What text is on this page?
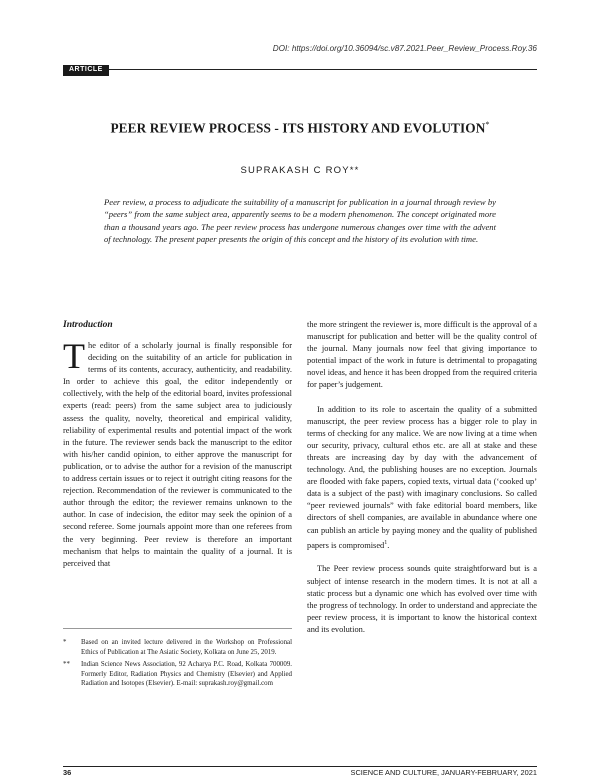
DOI: https://doi.org/10.36094/sc.v87.2021.Peer_Review_Process.Roy.36
ARTICLE
PEER REVIEW PROCESS - ITS HISTORY AND EVOLUTION*
SUPRAKASH C ROY**
Peer review, a process to adjudicate the suitability of a manuscript for publication in a journal through review by “peers” from the same subject area, apparently seems to be a modern phenomenon. The concept originated more than a thousand years ago. The peer review process has undergone numerous changes over time with the advent of technology. The present paper presents the origin of this concept and the history of its evolution with time.
Introduction

The editor of a scholarly journal is finally responsible for deciding on the suitability of an article for publication in terms of its contents, accuracy, authenticity, and readability. In order to achieve this goal, the editor independently or collectively, with the help of the editorial board, invites professional experts (read: peers) from the same subject area to judiciously assess the quality, novelty, theoretical and empirical validity, reliability of experimental results and potential impact of the work in the future. The reviewer sends back the manuscript to the editor with his/her candid opinion, to either approve the manuscript for publication, or to advise the author for a revision of the manuscript to address certain issues or to reject it outright citing reasons for the rejection. Recommendation of the reviewer is communicated to the author through the editor; the reviewer remains unknown to the author. In case of indecision, the editor may seek the opinion of a second referee. Some journals appoint more than one referees from the very beginning. Peer review is therefore an important mechanism that helps to maintain the quality of a journal. It is perceived that

the more stringent the reviewer is, more difficult is the approval of a manuscript for publication and better will be the quality control of the journal. Many journals now feel that giving importance to potential impact of the work in future is detrimental to propagating novel ideas, and hence it has been dropped from the required criteria for paper’s judgement.

In addition to its role to ascertain the quality of a submitted manuscript, the peer review process has a bigger role to play in terms of checking for any malice. We are now living at a time when our security, privacy, cultural ethos etc. are all at stake and these threats are increasing day by day with the advancement of technology. And, the publishing houses are no exception. Journals are flooded with fake papers, copied texts, virtual data (‘cooked up’ data is a subject of the past) with imaginary conclusions. So called “peer reviewed journals” with fake editorial board members, like directors of shell companies, are available in abundance where one can publish an article by paying money and the quality of published papers is compromised$^1$.

The Peer review process sounds quite straightforward but is a subject of intense research in the modern times. It is not at all a static process but a dynamic one which has evolved over time with the progress of technology. In order to understand and appreciate the peer review process, it is important to know the historical context and its evolution.

*	Based on an invited lecture delivered in the Workshop on Professional Ethics of Publication at The Asiatic Society, Kolkata on June 25, 2019.
**	Indian Science News Association, 92 Acharya P.C. Road, Kolkata 700009. Formerly Editor, Radiation Physics and Chemistry (Elsevier) and Applied Radiation and Isotopes (Elsevier). E-mail: suprakash.roy@gmail.com
36	SCIENCE AND CULTURE, JANUARY-FEBRUARY, 2021
